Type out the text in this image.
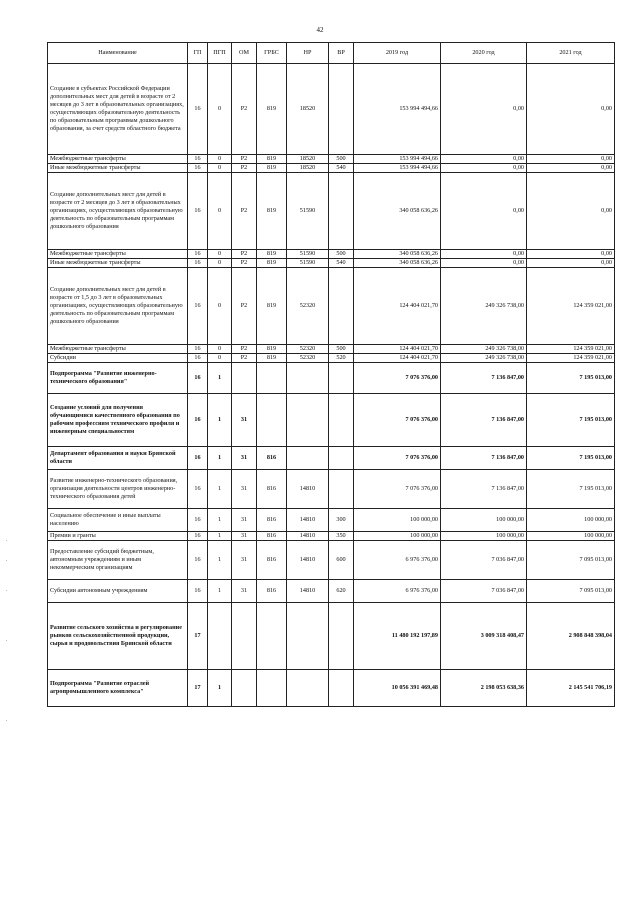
42
Наименование	ГП	ПГП	ОМ	ГРБС	НР	ВР	2019 год	2020 год	2021 год
Создание в субъектах Российской Федерации дополнительных мест для детей в возрасте от 2 месяцев до 3 лет в образовательных организациях, осуществляющих образовательную деятельность по образовательным программам дошкольного образования, за счет средств областного бюджета	16	0	P2	819	18520		153 994 494,66	0,00	0,00
Межбюджетные трансферты	16	0	P2	819	18520	500	153 994 494,66	0,00	0,00
Иные межбюджетные трансферты	16	0	P2	819	18520	540	153 994 494,66	0,00	0,00
Создание дополнительных мест для детей в возрасте от 2 месяцев до 3 лет в образовательных организациях, осуществляющих образовательную деятельность по образовательным программам дошкольного образования	16	0	P2	819	51590		340 058 636,26	0,00	0,00
Межбюджетные трансферты	16	0	P2	819	51590	500	340 058 636,26	0,00	0,00
Иные межбюджетные трансферты	16	0	P2	819	51590	540	340 058 636,26	0,00	0,00
Создание дополнительных мест для детей в возрасте от 1,5 до 3 лет в образовательных организациях, осуществляющих образовательную деятельность по образовательным программам дошкольного образования	16	0	P2	819	52320		124 404 021,70	249 326 738,00	124 359 021,00
Межбюджетные трансферты	16	0	P2	819	52320	500	124 404 021,70	249 326 738,00	124 359 021,00
Субсидии	16	0	P2	819	52320	520	124 404 021,70	249 326 738,00	124 359 021,00
Подпрограмма "Развитие инженерно-технического образования"	16	1					7 076 376,00	7 136 847,00	7 195 013,00
Создание условий для получения обучающимися качественного образования по рабочим профессиям технического профиля и инженерным специальностям	16	1	31				7 076 376,00	7 136 847,00	7 195 013,00
Департамент образования и науки Брянской области	16	1	31	816			7 076 376,00	7 136 847,00	7 195 013,00
Развитие инженерно-технического образования, организация деятельности центров инженерно-технического образования детей	16	1	31	816	14810		7 076 376,00	7 136 847,00	7 195 013,00
Социальное обеспечение и иные выплаты населению	16	1	31	816	14810	300	100 000,00	100 000,00	100 000,00
Премии и гранты	16	1	31	816	14810	350	100 000,00	100 000,00	100 000,00
Предоставление субсидий бюджетным, автономным учреждениям и иным некоммерческим организациям	16	1	31	816	14810	600	6 976 376,00	7 036 847,00	7 095 013,00
Субсидии автономным учреждениям	16	1	31	816	14810	620	6 976 376,00	7 036 847,00	7 095 013,00
Развитие сельского хозяйства и регулирование рынков сельскохозяйственной продукции, сырья и продовольствия Брянской области	17						11 480 192 197,89	3 009 318 408,47	2 908 848 398,04
Подпрограмма "Развитие отраслей агропромышленного комплекса"	17	1					10 056 391 469,48	2 198 053 638,36	2 145 541 706,19
